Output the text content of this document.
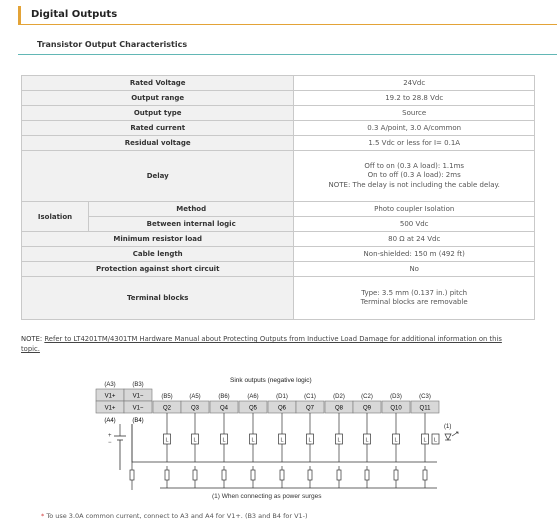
Digital Outputs
Transistor Output Characteristics
Rated Voltage		24Vdc
Output range		19.2 to 28.8 Vdc
Output type		Source
Rated current		0.3 A/point, 3.0 A/common
Residual voltage		1.5 Vdc or less for I= 0.1A
Delay		Off to on (0.3 A load): 1.1ms
On to off (0.3 A load): 2ms
NOTE: The delay is not including the cable delay.

Isolation	Method	Photo coupler Isolation
	Between internal logic	500 Vdc
Minimum resistor load		80 Ω at 24 Vdc
Cable length		Non-shielded: 150 m (492 ft)
Protection against short circuit		No
Terminal blocks		Type: 3.5 mm (0.137 in.) pitch
Terminal blocks are removable
NOTE: Refer to LT4201TM/4301TM Hardware Manual about Protecting Outputs from Inductive Load Damage for additional information on this
topic.
Sink outputs (negative logic)
(A3)	(B3)
(B5)	(A5)	(B6)	(A6)	(D1)	(C1)	(D2)	(C2)	(D3)	(C3)
V1+	V1−
V1+	V1−	Q2	Q3	Q4	Q5	Q6	Q7	Q8	Q9	Q10	Q11
(A4)	(B4)
+
−	L	L	L	L	L	L	L	L	L	L
(1)
L
(1) When connecting as power surges
* To use 3.0A common current, connect to A3 and A4 for V1+. (B3 and B4 for V1-)
